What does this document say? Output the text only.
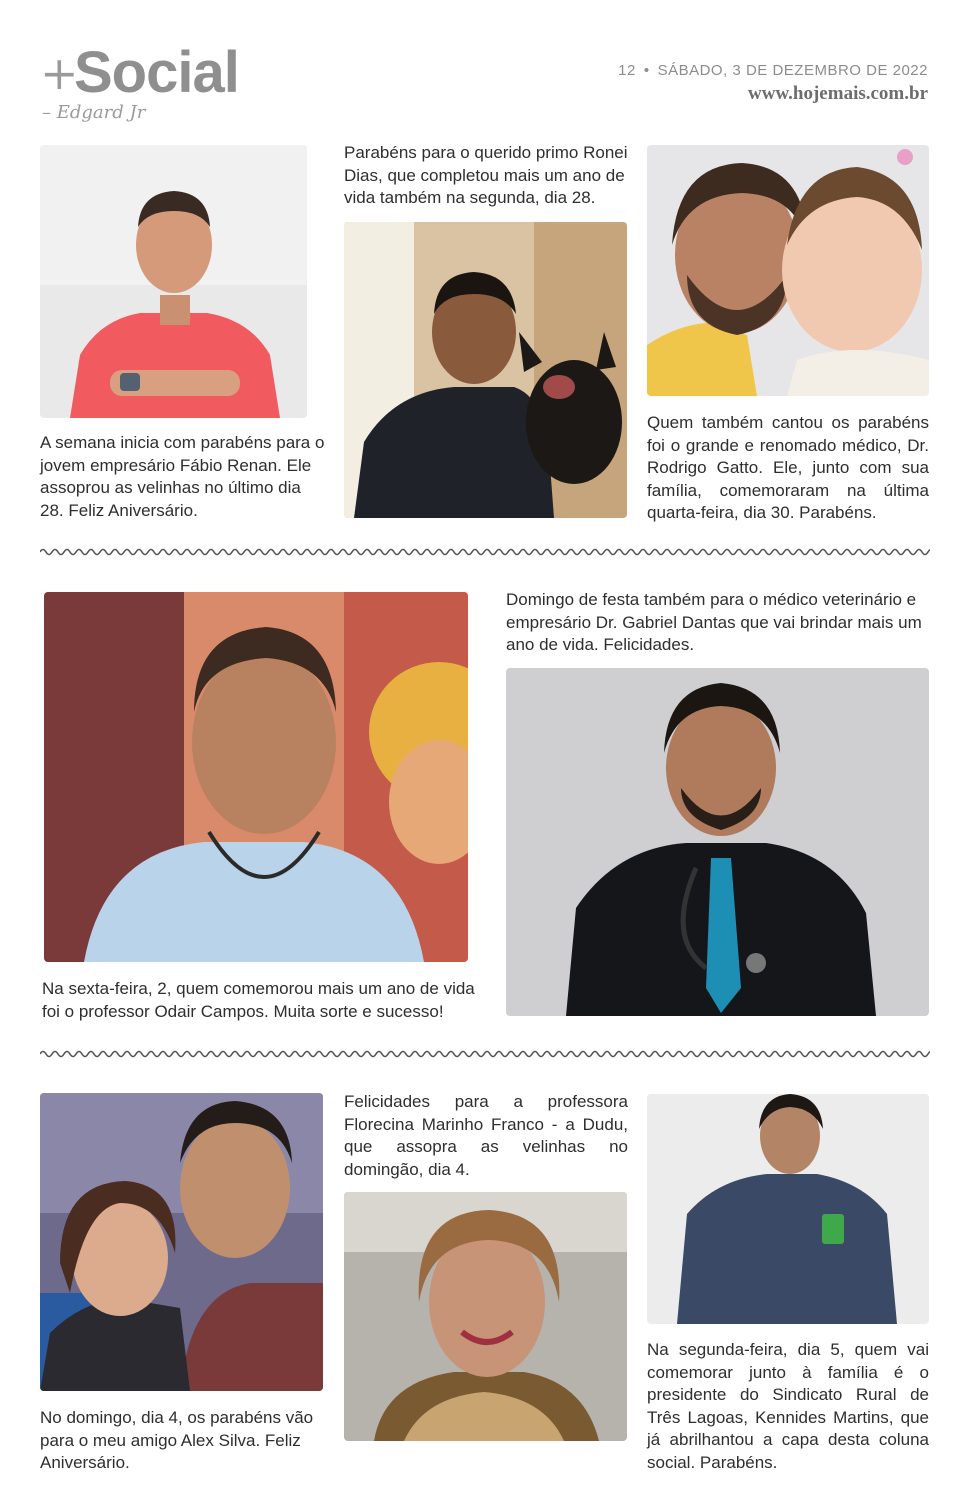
+
Social
– Edgard Jr
12 • SÁBADO, 3 DE DEZEMBRO DE 2022
www.hojemais.com.br
A semana inicia com parabéns para o jovem empresário Fábio Renan. Ele assoprou as velinhas no último dia 28. Feliz Aniversário.
Parabéns para o querido primo Ronei Dias, que completou mais um ano de vida também na segunda, dia 28.
Quem também cantou os parabéns foi o grande e renomado médico, Dr. Rodrigo Gatto. Ele, junto com sua família, comemoraram na última quarta-feira, dia 30. Parabéns.
Na sexta-feira, 2, quem comemorou mais um ano de vida foi o professor Odair Campos. Muita sorte e sucesso!
Domingo de festa também para o médico veterinário e empresário Dr. Gabriel Dantas que vai brindar mais um ano de vida. Felicidades.
No domingo, dia 4, os parabéns vão para o meu amigo Alex Silva. Feliz Aniversário.
Felicidades para a professora Florecina Marinho Franco - a Dudu, que assopra as velinhas no domingão, dia 4.
Na segunda-feira, dia 5, quem vai comemorar junto à família é o presidente do Sindicato Rural de Três Lagoas, Kennides Martins, que já abrilhantou a capa desta coluna social. Parabéns.
